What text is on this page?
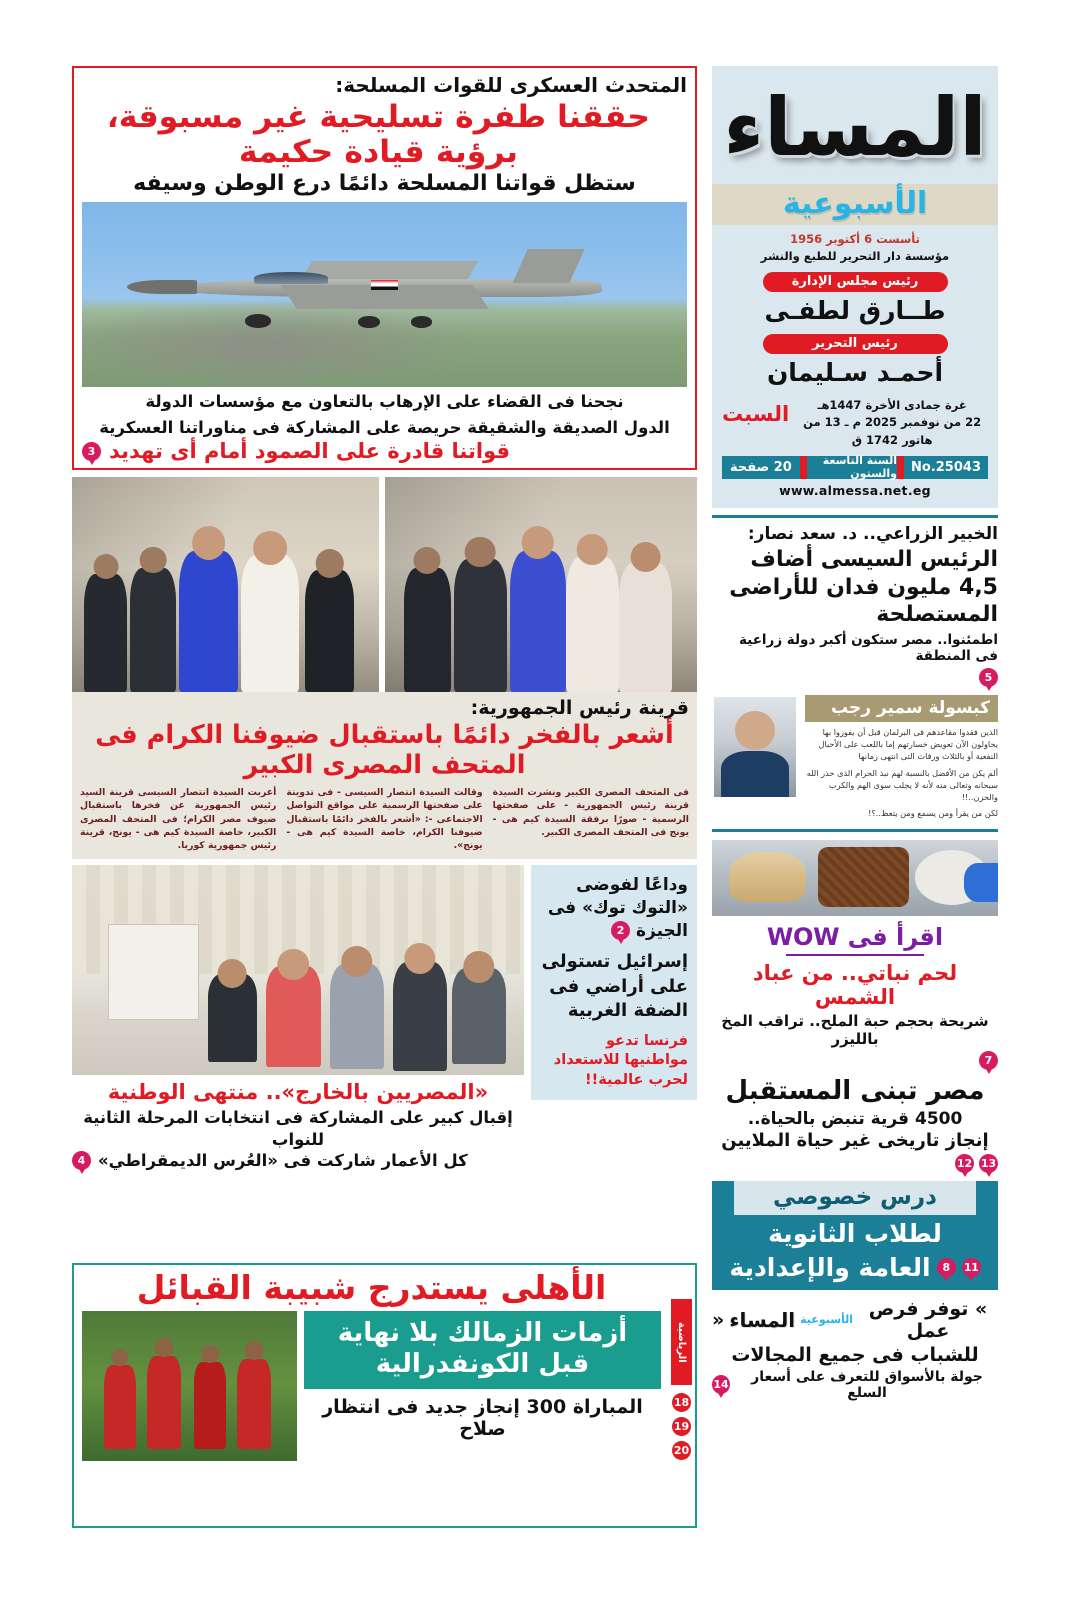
المتحدث العسكرى للقوات المسلحة:
حققنا طفرة تسليحية غير مسبوقة، برؤية قيادة حكيمة
ستظل قواتنا المسلحة دائمًا درع الوطن وسيفه
نجحنا فى القضاء على الإرهاب بالتعاون مع مؤسسات الدولة
الدول الصديقة والشقيقة حريصة على المشاركة فى مناوراتنا العسكرية
قواتنا قادرة على الصمود أمام أى تهديد
3
قرينة رئيس الجمهورية:
أشعر بالفخر دائمًا باستقبال ضيوفنا الكرام فى المتحف المصرى الكبير

فى المتحف المصرى الكبير ونشرت السيدة قرينة رئيس الجمهورية - على صفحتها الرسمية - صورًا برفقة السيدة كيم هى - يونج فى المتحف المصرى الكبير.

وقالت السيدة انتصار السيسى - فى تدوينة على صفحتها الرسمية على مواقع التواصل الاجتماعى -: «أشعر بالفخر دائمًا باستقبال ضيوفنا الكرام، خاصة السيدة كيم هى - يونج».

أعربت السيدة انتصار السيسى قرينة السيد رئيس الجمهورية عن فخرها باستقبال ضيوف مصر الكرام؛ فى المتحف المصرى الكبير، خاصة السيدة كيم هى - يونج، قرينة رئيس جمهورية كوريا.

وداعًا لفوضى «التوك توك» فى الجيزة 2
إسرائيل تستولى على أراضي فى الضفة الغربية
فرنسا تدعو مواطنيها للاستعداد لحرب عالمية!!
«المصريين بالخارج».. منتهى الوطنية
إقبال كبير على المشاركة فى انتخابات المرحلة الثانية للنواب
كل الأعمار شاركت فى «العُرس الديمقراطي»
4
الرياضية
18
19
20
الأهلى يستدرج شبيبة القبائل
أزمات الزمالك بلا نهاية قبل الكونفدرالية
المباراة 300 إنجاز جديد فى انتظار صلاح
المساء
الأسبوعية
تأسست 6 أكتوبر 1956
مؤسسة دار التحرير للطبع والنشر
رئيس مجلس الإدارة
طــارق لطفـى
رئيس التحرير
أحمـد سـليمان
غرة جمادى الأخرة 1447هـ
22 من نوفمبر 2025 م ـ 13 من هاتور 1742 ق
السبت
No.25043
السنة التاسعة والستون
20 صفحة
www.almessa.net.eg
الخبير الزراعي.. د. سعد نصار:
الرئيس السيسى أضاف 4,5 مليون فدان للأراضى المستصلحة
اطمئنوا.. مصر ستكون أكبر دولة زراعية فى المنطقة
5
كبسولة سمير رجب
الذين فقدوا مقاعدهم فى البرلمان قبل أن يفوزوا بها يحاولون الآن تعويض خسارتهم إما باللعب على الأحبال النفعية أو بالثلاث ورقات التى انتهى زمانها
ألم يكن من الأفضل بالنسبة لهم نبذ الحرام الذى حذر الله سبحانه وتعالى منه لأنه لا يجلب سوى الهم والكرب والحزن..!!
لكن من يقرأ ومن يسمع ومن يتعظ..؟!
اقرأ فى WOW
لحم نباتي.. من عباد الشمس
شريحة بحجم حبة الملح.. تراقب المخ بالليزر
7
مصر تبنى المستقبل
4500 قرية تنبض بالحياة..
إنجاز تاريخى غير حياة الملايين
13
12
درس خصوصي
لطلاب الثانوية
11
8
العامة والإعدادية
» توفر فرص عمل
الأسبوعية
المساء
«
للشباب فى جميع المجالات
جولة بالأسواق للتعرف على أسعار السلع
14
